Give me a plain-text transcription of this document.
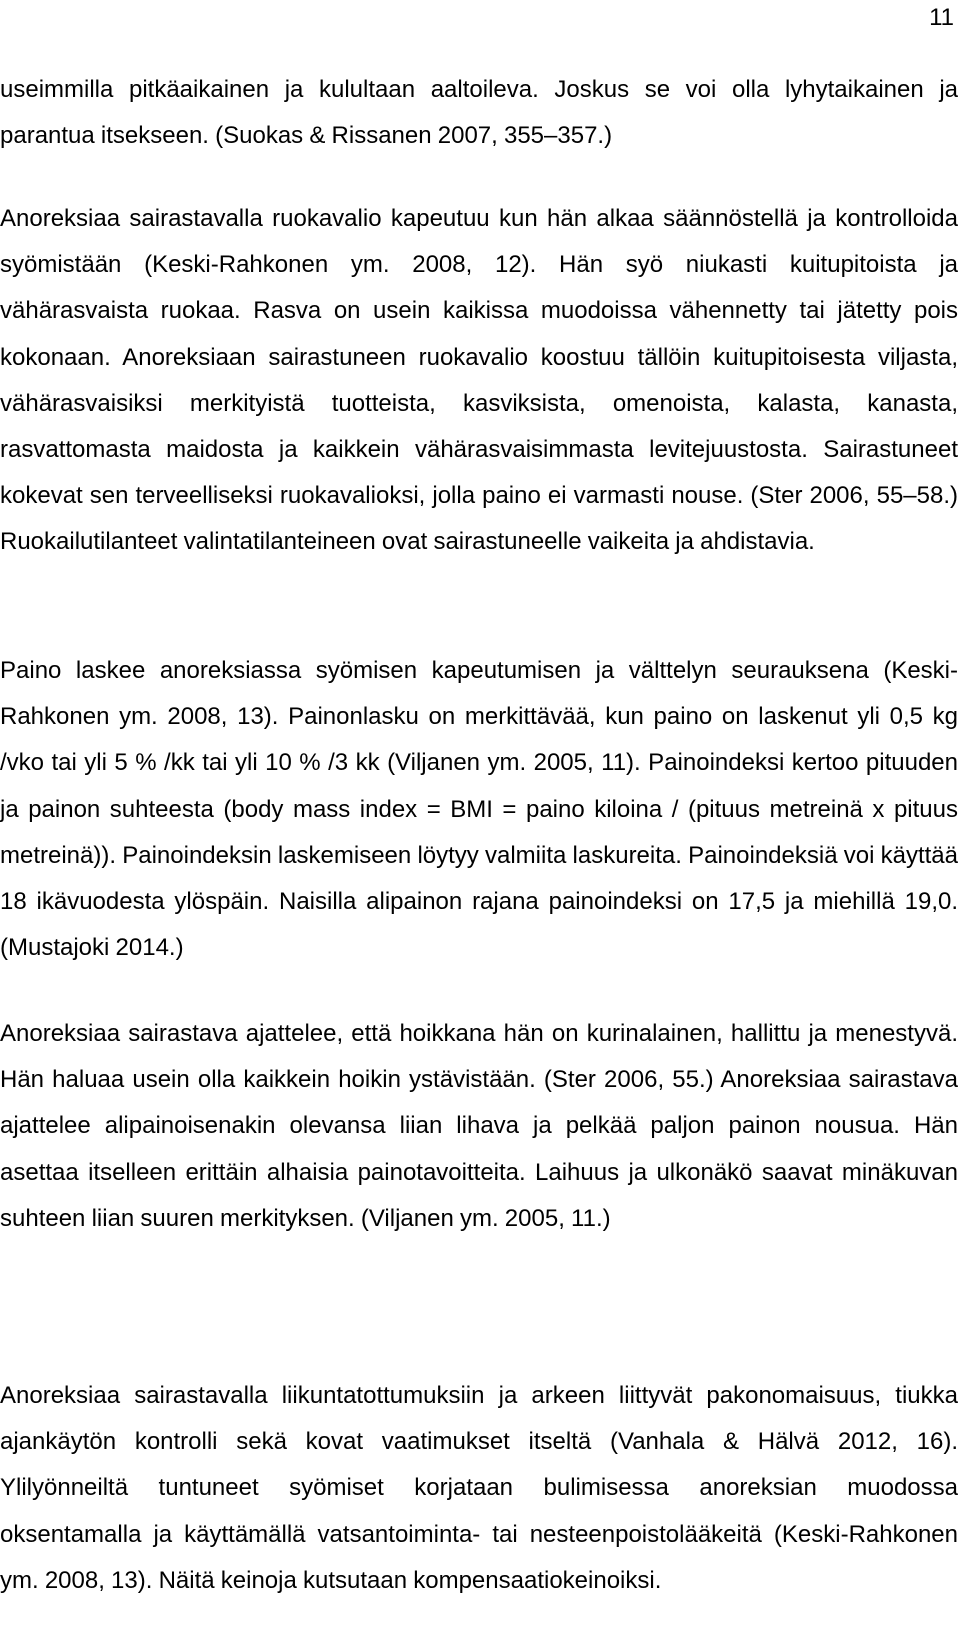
11

useimmilla pitkäaikainen ja kulultaan aaltoileva. Joskus se voi olla lyhytaikainen ja parantua itsekseen. (Suokas & Rissanen 2007, 355–357.)

Anoreksiaa sairastavalla ruokavalio kapeutuu kun hän alkaa säännöstellä ja kontrolloida syömistään (Keski-Rahkonen ym. 2008, 12). Hän syö niukasti kuitupitoista ja vähärasvaista ruokaa. Rasva on usein kaikissa muodoissa vähennetty tai jätetty pois kokonaan. Anoreksiaan sairastuneen ruokavalio koostuu tällöin kuitupitoisesta viljasta, vähärasvaisiksi merkityistä tuotteista, kasviksista, omenoista, kalasta, kanasta, rasvattomasta maidosta ja kaikkein vähärasvaisimmasta levitejuustosta. Sairastuneet kokevat sen terveelliseksi ruokavalioksi, jolla paino ei varmasti nouse. (Ster 2006, 55–58.) Ruokailutilanteet valintatilanteineen ovat sairastuneelle vaikeita ja ahdistavia.

Paino laskee anoreksiassa syömisen kapeutumisen ja välttelyn seurauksena (Keski-Rahkonen ym. 2008, 13). Painonlasku on merkittävää, kun paino on laskenut yli 0,5 kg /vko tai yli 5 % /kk tai yli 10 % /3 kk (Viljanen ym. 2005, 11). Painoindeksi kertoo pituuden ja painon suhteesta (body mass index = BMI = paino kiloina / (pituus metreinä x pituus metreinä)). Painoindeksin laskemiseen löytyy valmiita laskureita. Painoindeksiä voi käyttää 18 ikävuodesta ylöspäin. Naisilla alipainon rajana painoindeksi on 17,5 ja miehillä 19,0. (Mustajoki 2014.)

Anoreksiaa sairastava ajattelee, että hoikkana hän on kurinalainen, hallittu ja menestyvä. Hän haluaa usein olla kaikkein hoikin ystävistään. (Ster 2006, 55.) Anoreksiaa sairastava ajattelee alipainoisenakin olevansa liian lihava ja pelkää paljon painon nousua. Hän asettaa itselleen erittäin alhaisia painotavoitteita. Laihuus ja ulkonäkö saavat minäkuvan suhteen liian suuren merkityksen. (Viljanen ym. 2005, 11.)

Anoreksiaa sairastavalla liikuntatottumuksiin ja arkeen liittyvät pakonomaisuus, tiukka ajankäytön kontrolli sekä kovat vaatimukset itseltä (Vanhala & Hälvä 2012, 16). Ylilyönneiltä tuntuneet syömiset korjataan bulimisessa anoreksian muodossa oksentamalla ja käyttämällä vatsantoiminta- tai nesteenpoistolääkeitä (Keski-Rahkonen ym. 2008, 13). Näitä keinoja kutsutaan kompensaatiokeinoiksi.
